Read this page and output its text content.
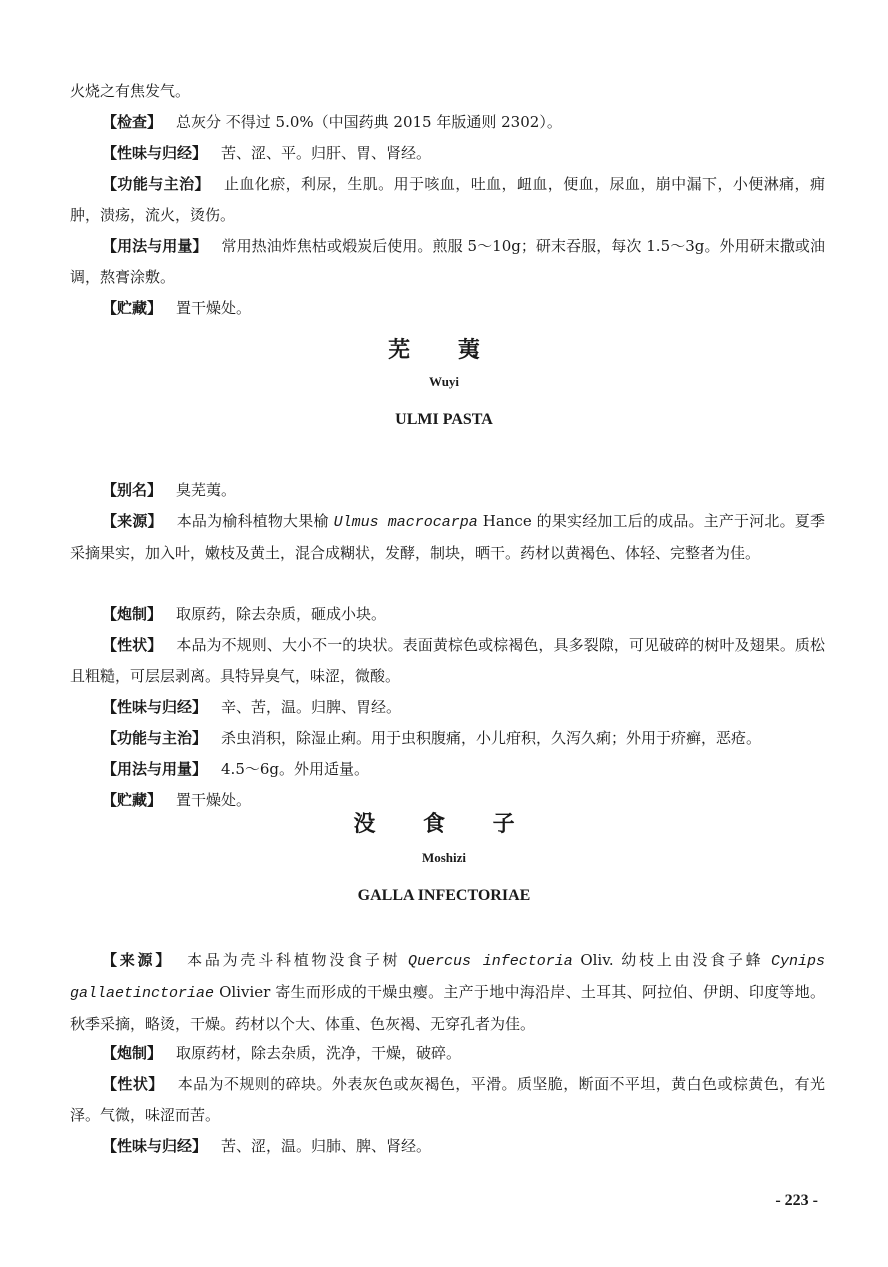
火烧之有焦发气。

【检查】 总灰分 不得过 5.0%（中国药典 2015 年版通则 2302）。

【性味与归经】 苦、涩、平。归肝、胃、肾经。

【功能与主治】 止血化瘀，利尿，生肌。用于咳血，吐血，衄血，便血，尿血，崩中漏下，小便淋痛，痈肿，溃疡，流火，烫伤。

【用法与用量】 常用热油炸焦枯或煅炭后使用。煎服 5～10g；研末吞服，每次 1.5～3g。外用研末撒或油调，熬膏涂敷。

【贮藏】 置干燥处。

芜 荑
Wuyi
ULMI PASTA

【别名】 臭芜荑。

【来源】 本品为榆科植物大果榆 Ulmus macrocarpa Hance 的果实经加工后的成品。主产于河北。夏季采摘果实，加入叶，嫩枝及黄土，混合成糊状，发酵，制块，晒干。药材以黄褐色、体轻、完整者为佳。

【炮制】 取原药，除去杂质，砸成小块。

【性状】 本品为不规则、大小不一的块状。表面黄棕色或棕褐色，具多裂隙，可见破碎的树叶及翅果。质松且粗糙，可层层剥离。具特异臭气，味涩，微酸。

【性味与归经】 辛、苦，温。归脾、胃经。

【功能与主治】 杀虫消积，除湿止痢。用于虫积腹痛，小儿疳积，久泻久痢；外用于疥癣，恶疮。

【用法与用量】 4.5～6g。外用适量。

【贮藏】 置干燥处。

没 食 子
Moshizi
GALLA INFECTORIAE

【来源】 本品为壳斗科植物没食子树 Quercus infectoria Oliv. 幼枝上由没食子蜂 Cynips gallaetinctoriae Olivier 寄生而形成的干燥虫瘿。主产于地中海沿岸、土耳其、阿拉伯、伊朗、印度等地。秋季采摘，略烫，干燥。药材以个大、体重、色灰褐、无穿孔者为佳。

【炮制】 取原药材，除去杂质，洗净，干燥，破碎。

【性状】 本品为不规则的碎块。外表灰色或灰褐色，平滑。质坚脆，断面不平坦，黄白色或棕黄色，有光泽。气微，味涩而苦。

【性味与归经】 苦、涩，温。归肺、脾、肾经。

- 223 -
